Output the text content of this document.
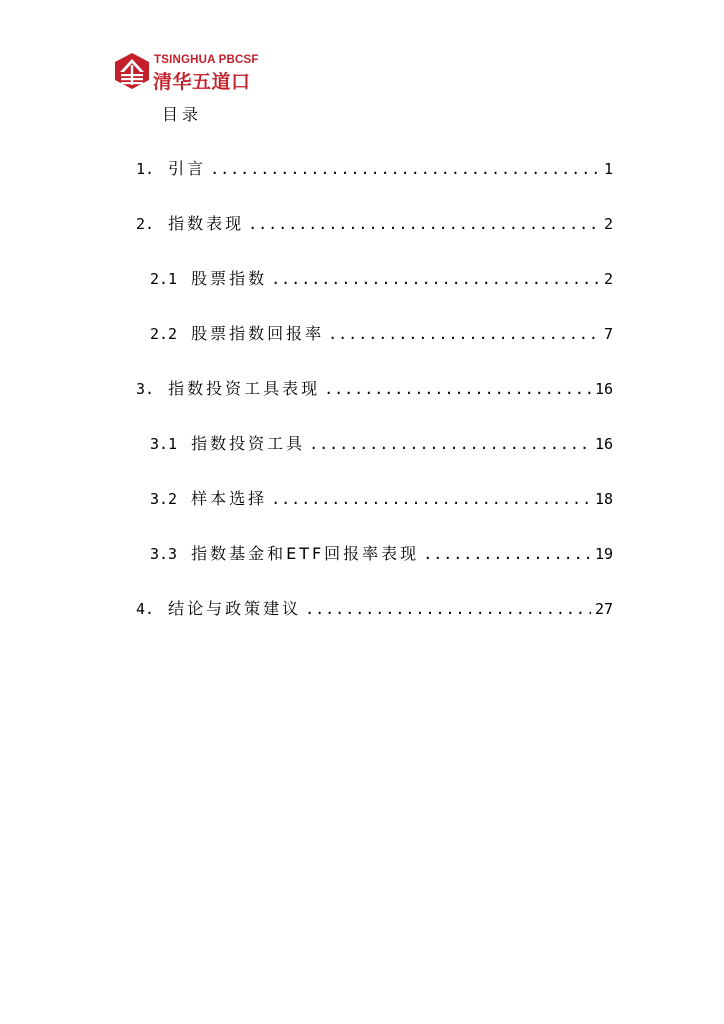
TSINGHUA PBCSF
清华五道口
目录
1. 引言 .....	1
2. 指数表现 .....	2
2.1 股票指数 .....	2
2.2 股票指数回报率 .....	7
3. 指数投资工具表现 .....	16
3.1 指数投资工具 .....	16
3.2 样本选择 .....	18
3.3 指数基金和ETF回报率表现 .....	19
4. 结论与政策建议 .....	27
